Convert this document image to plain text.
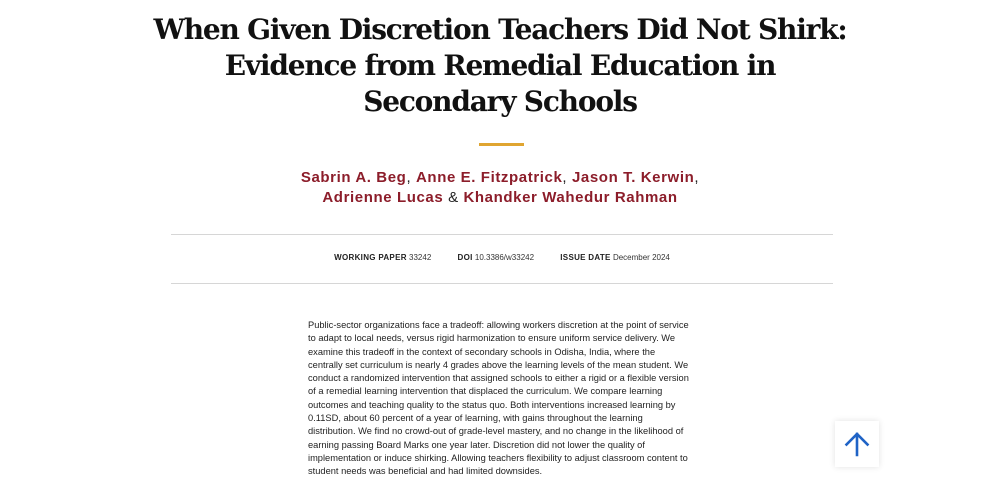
When Given Discretion Teachers Did Not Shirk:
Evidence from Remedial Education in
Secondary Schools
Sabrin A. Beg, Anne E. Fitzpatrick, Jason T. Kerwin,
Adrienne Lucas & Khandker Wahedur Rahman
WORKING PAPER 33242	DOI 10.3386/w33242	ISSUE DATE December 2024

Public-sector organizations face a tradeoff: allowing workers discretion at the point of service to adapt to local needs, versus rigid harmonization to ensure uniform service delivery. We examine this tradeoff in the context of secondary schools in Odisha, India, where the centrally set curriculum is nearly 4 grades above the learning levels of the mean student. We conduct a randomized intervention that assigned schools to either a rigid or a flexible version of a remedial learning intervention that displaced the curriculum. We compare learning outcomes and teaching quality to the status quo. Both interventions increased learning by 0.11SD, about 60 percent of a year of learning, with gains throughout the learning distribution. We find no crowd-out of grade-level mastery, and no change in the likelihood of earning passing Board Marks one year later. Discretion did not lower the quality of implementation or induce shirking. Allowing teachers flexibility to adjust classroom content to student needs was beneficial and had limited downsides.
